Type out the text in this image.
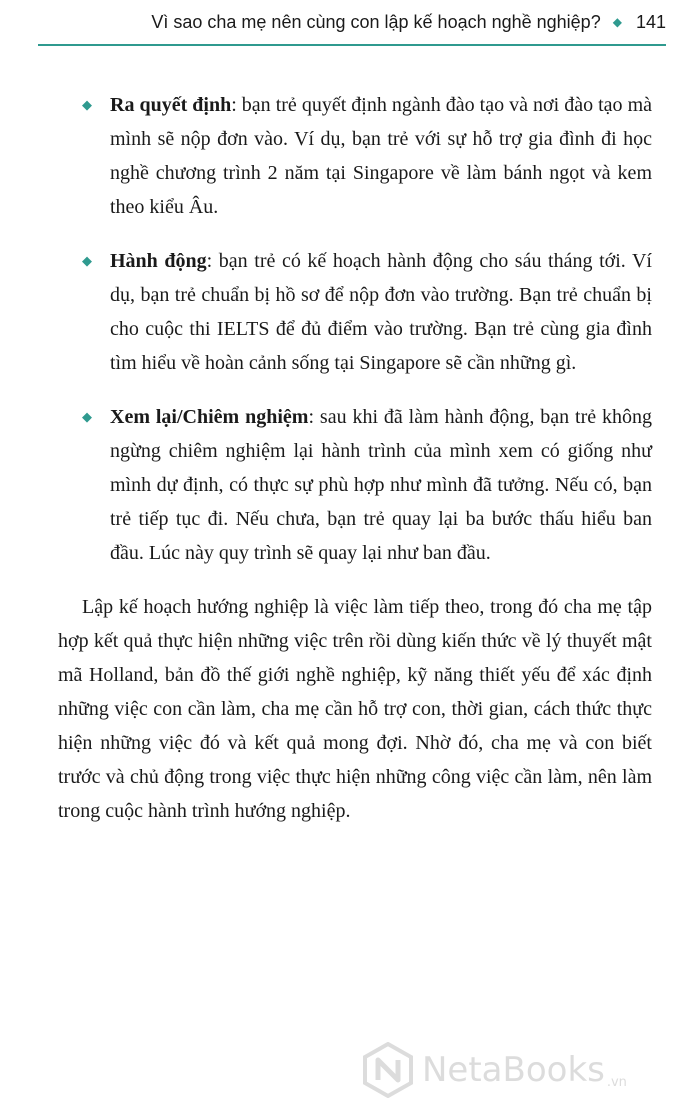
Vì sao cha mẹ nên cùng con lập kế hoạch nghề nghiệp? ◆ 141
◆ Ra quyết định: bạn trẻ quyết định ngành đào tạo và nơi đào tạo mà mình sẽ nộp đơn vào. Ví dụ, bạn trẻ với sự hỗ trợ gia đình đi học nghề chương trình 2 năm tại Singapore về làm bánh ngọt và kem theo kiểu Âu.
◆ Hành động: bạn trẻ có kế hoạch hành động cho sáu tháng tới. Ví dụ, bạn trẻ chuẩn bị hồ sơ để nộp đơn vào trường. Bạn trẻ chuẩn bị cho cuộc thi IELTS để đủ điểm vào trường. Bạn trẻ cùng gia đình tìm hiểu về hoàn cảnh sống tại Singapore sẽ cần những gì.
◆ Xem lại/Chiêm nghiệm: sau khi đã làm hành động, bạn trẻ không ngừng chiêm nghiệm lại hành trình của mình xem có giống như mình dự định, có thực sự phù hợp như mình đã tưởng. Nếu có, bạn trẻ tiếp tục đi. Nếu chưa, bạn trẻ quay lại ba bước thấu hiểu ban đầu. Lúc này quy trình sẽ quay lại như ban đầu.

Lập kế hoạch hướng nghiệp là việc làm tiếp theo, trong đó cha mẹ tập hợp kết quả thực hiện những việc trên rồi dùng kiến thức về lý thuyết mật mã Holland, bản đồ thế giới nghề nghiệp, kỹ năng thiết yếu để xác định những việc con cần làm, cha mẹ cần hỗ trợ con, thời gian, cách thức thực hiện những việc đó và kết quả mong đợi. Nhờ đó, cha mẹ và con biết trước và chủ động trong việc thực hiện những công việc cần làm, nên làm trong cuộc hành trình hướng nghiệp.

NetaBooks .vn
